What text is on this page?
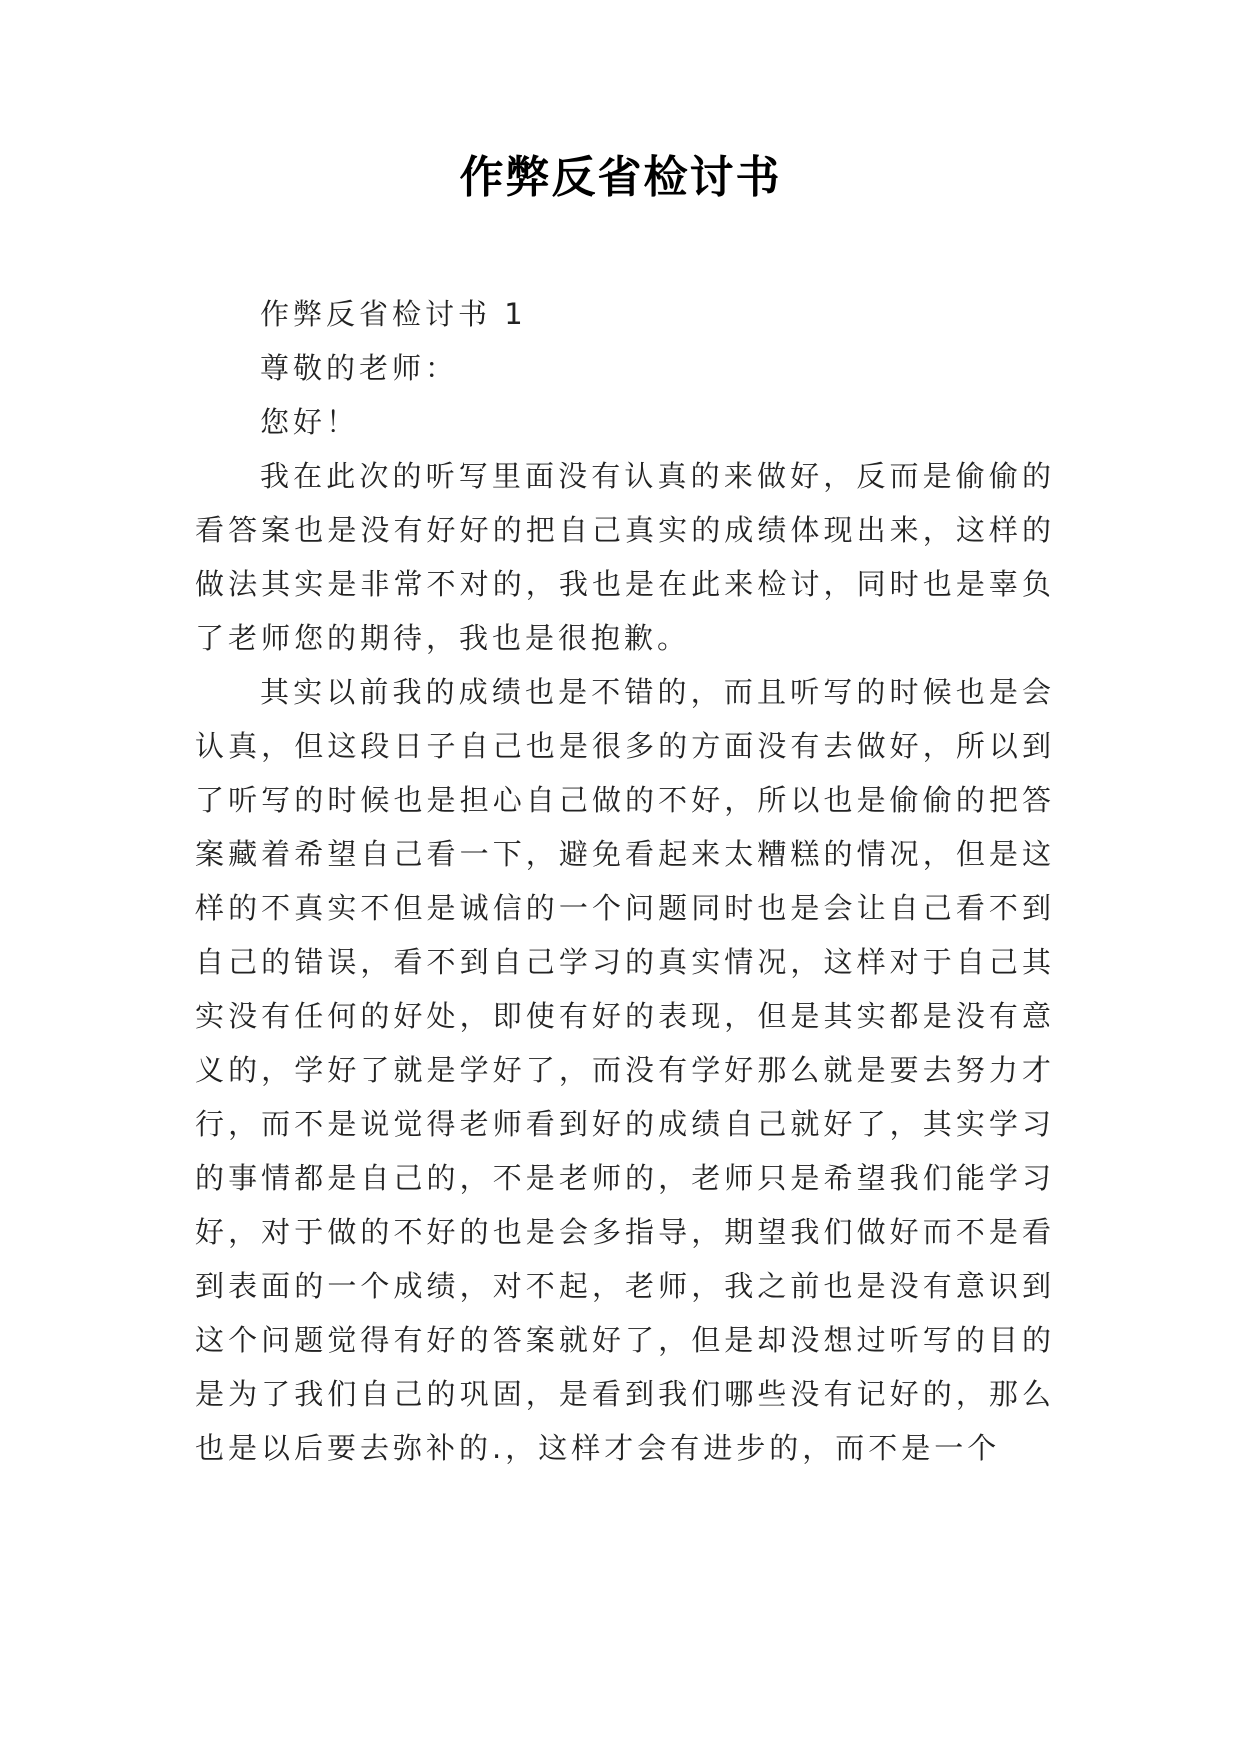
作弊反省检讨书

作弊反省检讨书 1

尊敬的老师：

您好！

我在此次的听写里面没有认真的来做好，反而是偷偷的看答案也是没有好好的把自己真实的成绩体现出来，这样的做法其实是非常不对的，我也是在此来检讨，同时也是辜负了老师您的期待，我也是很抱歉。

其实以前我的成绩也是不错的，而且听写的时候也是会认真，但这段日子自己也是很多的方面没有去做好，所以到了听写的时候也是担心自己做的不好，所以也是偷偷的把答案藏着希望自己看一下，避免看起来太糟糕的情况，但是这样的不真实不但是诚信的一个问题同时也是会让自己看不到自己的错误，看不到自己学习的真实情况，这样对于自己其实没有任何的好处，即使有好的表现，但是其实都是没有意义的，学好了就是学好了，而没有学好那么就是要去努力才行，而不是说觉得老师看到好的成绩自己就好了，其实学习的事情都是自己的，不是老师的，老师只是希望我们能学习好，对于做的不好的也是会多指导，期望我们做好而不是看到表面的一个成绩，对不起，老师，我之前也是没有意识到这个问题觉得有好的答案就好了，但是却没想过听写的目的是为了我们自己的巩固，是看到我们哪些没有记好的，那么也是以后要去弥补的.，这样才会有进步的，而不是一个
